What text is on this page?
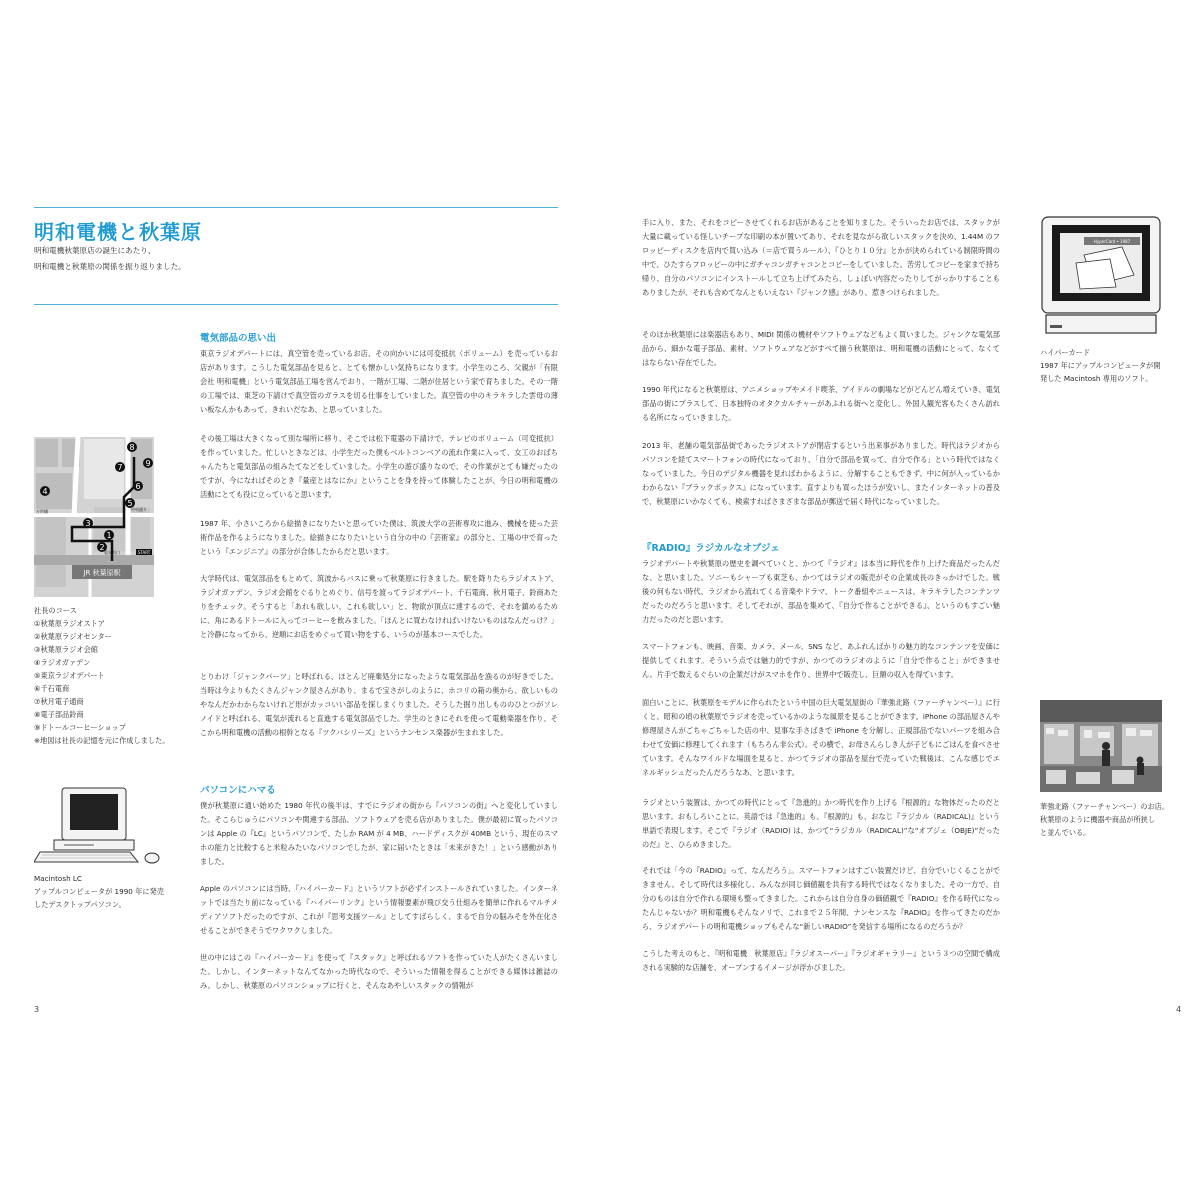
明和電機と秋葉原

明和電機秋葉原店の誕生にあたり、

明和電機と秋葉原の関係を振り返りました。

電気部品の思い出

東京ラジオデパートには、真空管を売っているお店、その向かいには可変抵抗（ボリューム）を売っているお店があります。こうした電気部品を見ると、とても懐かしい気持ちになります。小学生のころ、父親が「有限会社 明和電機」という電気部品工場を営んでおり、一階が工場、二階が住居という家で育ちました。その一階の工場では、東芝の下請けで真空管のガラスを切る仕事をしていました。真空管の中のキラキラした雲母の薄い板なんかもあって、きれいだなあ、と思っていました。

その後工場は大きくなって別な場所に移り、そこでは松下電器の下請けで、テレビのボリューム（可変抵抗）を作っていました。忙しいときなどは、小学生だった僕もベルトコンベアの流れ作業に入って、女工のおばちゃんたちと電気部品の組みたてなどをしていました。小学生の遊び盛りなので、その作業がとても嫌だったのですが、今になればそのとき『量産とはなにか』ということを身を持って体験したことが、今日の明和電機の活動にとても役に立っていると思います。

1987 年、小さいころから絵描きになりたいと思っていた僕は、筑波大学の芸術専攻に進み、機械を使った芸術作品を作るようになりました。絵描きになりたいという自分の中の『芸術家』の部分と、工場の中で育ったという『エンジニア』の部分が合体したからだと思います。

大学時代は、電気部品をもとめて、筑波からバスに乗って秋葉原に行きました。駅を降りたらラジオストア、ラジオガァデン、ラジオ会館をぐるりとめぐり、信号を渡ってラジオデパート、千石電商、秋月電子、鈴商あたりをチェック。そうすると「あれも欲しい、これも欲しい」と、物欲が頂点に達するので、それを鎮めるために、角にあるドトールに入ってコーヒーを飲みました。「ほんとに買わなければいけないものはなんだっけ？」と冷静になってから、逆順にお店をめぐって買い物をする、いうのが基本コースでした。

とりわけ「ジャンクパーツ」と呼ばれる、ほとんど廃棄処分になったような電気部品を漁るのが好きでした。当時は今よりもたくさんジャンク屋さんがあり、まるで宝さがしのように、ホコリの箱の奥から、欲しいものやなんだかわからないけれど形がカッコいい部品を探しまくりました。そうした掘り出しもののひとつがソレノイドと呼ばれる、電気が流れると直進する電気部品でした。学生のときにそれを使って電動楽器を作り、そこから明和電機の活動の根幹となる『ツクバシリーズ』というナンセンス楽器が生まれました。

パソコンにハマる

僕が秋葉原に通い始めた 1980 年代の後半は、すでにラジオの街から『パソコンの街』へと変化していました。そこらじゅうにパソコンや関連する部品、ソフトウェアを売る店がありました。僕が最初に買ったパソコンは Apple の『LC』というパソコンで、たしか RAM が 4 MB、ハードディスクが 40MB という、現在のスマホの能力と比較すると米粒みたいなパソコンでしたが、家に届いたときは「未来がきた！」という感動がありました。

Apple のパソコンには当時、『ハイパーカード』というソフトが必ずインストールされていました。インターネットでは当たり前になっている『ハイパーリンク』という情報要素が飛び交う仕組みを簡単に作れるマルチメディアソフトだったのですが、これが『思考支援ツール』としてすばらしく、まるで自分の脳みそを外在化させることができそうでワクワクしました。

世の中にはこの『ハイパーカード』を使って『スタック』と呼ばれるソフトを作っていた人がたくさんいました。しかし、インターネットなんてなかった時代なので、そういった情報を得ることができる媒体は雑誌のみ。しかし、秋葉原のパソコンショップに行くと、そんなあやしいスタックの情報が

1
2
3
4
5
6
7
8
9
万世橋	中央通り
電気街口	START
JR 秋葉原駅

社長のコース

①秋葉原ラジオストア
②秋葉原ラジオセンター
③秋葉原ラジオ会館
④ラジオガァデン
⑤東京ラジオデパート
⑥千石電商
⑦秋月電子通商
⑧電子部品鈴商
⑨ドトールコーヒーショップ

※地図は社長の記憶を元に作成しました。

Macintosh LC

アップルコンピュータが 1990 年に発売

したデスクトップパソコン。

3

手に入り、また、それをコピーさせてくれるお店があることを知りました。そういったお店では、スタックが大量に載っている怪しいチープな印刷の本が置いてあり、それを見ながら欲しいスタックを決め、1.44M のフロッピーディスクを店内で買い込み（＝店で買うルール）、『ひとり１０分』とかが決められている制限時間の中で、ひたすらフロッピーの中にガチャコンガチャコンとコピーをしていました。苦労してコピーを家まで持ち帰り、自分のパソコンにインストールして立ち上げてみたら、しょぼい内容だったりしてがっかりすることもありましたが、それも含めてなんともいえない『ジャンク感』があり、惹きつけられました。

そのほか秋葉原には楽器店もあり、MIDI 関係の機材やソフトウェアなどもよく買いました。ジャンクな電気部品から、細かな電子部品、素材、ソフトウェアなどがすべて揃う秋葉原は、明和電機の活動にとって、なくてはならない存在でした。

1990 年代になると秋葉原は、アニメショップやメイド喫茶、アイドルの劇場などがどんどん増えていき、電気部品の街にプラスして、日本独特のオタクカルチャーがあふれる街へと変化し、外国人観光客もたくさん訪れる名所になっていきました。

2013 年、老舗の電気部品街であったラジオストアが閉店するという出来事がありました。時代はラジオからパソコンを経てスマートフォンの時代になっており、「自分で部品を買って、自分で作る」という時代ではなくなっていました。今日のデジタル機器を見ればわかるように、分解することもできず、中に何が入っているかわからない『ブラックボックス』になっています。直すよりも買ったほうが安いし、またインターネットの普及で、秋葉原にいかなくても、検索すればさまざまな部品が郵送で届く時代になっていました。

『RADIO』ラジカルなオブジェ

ラジオデパートや秋葉原の歴史を調べていくと、かつて『ラジオ』は本当に時代を作り上げた商品だったんだな、と思いました。ソニーもシャープも東芝も、かつてはラジオの販売がその企業成長のきっかけでした。戦後の何もない時代、ラジオから流れてくる音楽やドラマ、トーク番組やニュースは、キラキラしたコンテンツだったのだろうと思います。そしてそれが、部品を集めて、『自分で作ることができる』、というのもすごい魅力だったのだと思います。

スマートフォンも、映画、音楽、カメラ、メール、SNS など、あふれんばかりの魅力的なコンテンツを安価に提供してくれます。そういう点では魅力的ですが、かつてのラジオのように「自分で作ること」ができません。片手で数えるぐらいの企業だけがスマホを作り、世界中で販売し、巨額の収入を得ています。

面白いことに、秋葉原をモデルに作られたという中国の巨大電気屋街の『華強北路（ファーチャンベー）』に行くと、昭和の頃の秋葉原でラジオを売っているかのような風景を見ることができます。iPhone の部品屋さんや修理屋さんがごちゃごちゃした店の中、見事な手さばきで iPhone を分解し、正規部品でないパーツを組み合わせて安価に修理してくれます（もちろん非公式）。その横で、お母さんらしき人が子どもにごはんを食べさせています。そんなワイルドな場面を見ると、かつてラジオの部品を屋台で売っていた戦後は、こんな感じでエネルギッシュだったんだろうなあ、と思います。

ラジオという装置は、かつての時代にとって『急進的』かつ時代を作り上げる『根源的』な物体だったのだと思います。おもしろいことに、英語では『急進的』も、『根源的』も、おなじ『ラジカル（RADICAL)』という単語で表現します。そこで『ラジオ（RADIO) は、かつて“ラジカル（RADICAL)”な“オブジェ（OBJE)”だったのだ』と、ひらめきました。

それでは「今の『RADIO』って、なんだろう」。スマートフォンはすごい装置だけど、自分でいじくることができません。そして時代は多様化し、みんなが同じ価値観を共有する時代ではなくなりました。その一方で、自分のものは自分で作れる環境も整ってきました。これからは自分自身の価値観で『RADIO』を作る時代になったんじゃないか？明和電機もそんなノリで、これまで２５年間、ナンセンスな『RADIO』を作ってきたのだから、ラジオデパートの明和電機ショップもそんな“新しいRADIO”を発信する場所になるのだろうか？

こうした考えのもと、『明和電機　秋葉原店』『ラジオスーパー』『ラジオギャラリー』という３つの空間で構成される実験的な店舗を、オープンするイメージが浮かびました。

HyperCard • 1987

ハイパーカード

1987 年にアップルコンピュータが開

発した Macintosh 専用のソフト。

華強北路（ファーチャンベー）のお店。

秋葉原のように機器や商品が所狭し

と並んでいる。

4
